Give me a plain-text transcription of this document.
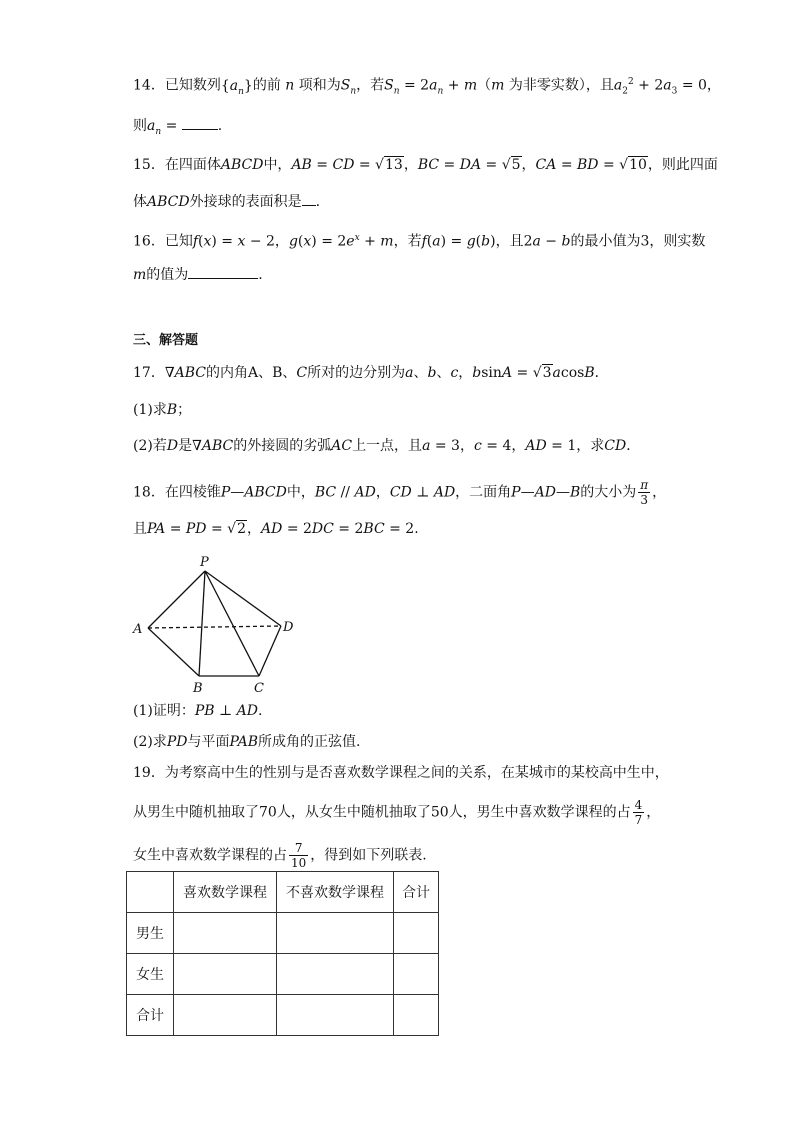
14．已知数列$\{a_n\}$的前 n 项和为$S_n$，若$S_n = 2a_n + m(m$ 为非零实数），且$a_2^2 + 2a_3 = 0$，
则$a_n$ =	.
15．在四面体ABCD中，AB = CD = √13，BC = DA = √5，CA = BD = √10，则此四面
体ABCD外接球的表面积是 .
16．已知f(x) = x − 2，$g(x) = 2e^x + m$，若f(a) = g(b)，且2a − b的最小值为3，则实数
m的值为	.
三、解答题
17．∇ABC的内角A、B、C所对的边分别为a、b、c，bsinA = √3acosB．
(1)求B；
(2)若D是∇ABC的外接圆的劣弧AC上一点，且a = 3，c = 4，AD = 1，求CD．
18．在四棱锥P—ABCD中，BC // AD，CD ⊥ AD，二面角P—AD—B的大小为 $\frac{\pi}{3}$ ，
且PA = PD = √2，AD = 2DC = 2BC = 2.
P
A
B	C
D
(1)证明：PB ⊥ AD.
(2)求PD与平面PAB所成角的正弦值.
19．为考察高中生的性别与是否喜欢数学课程之间的关系，在某城市的某校高中生中，
从男生中随机抽取了70人，从女生中随机抽取了50人，男生中喜欢数学课程的占 $\frac{4}{7}$ ，
女生中喜欢数学课程的占 $\frac{7}{10}$ ，得到如下列联表.
	喜欢数学课程	不喜欢数学课程	合计
男生			
女生			
合计			
